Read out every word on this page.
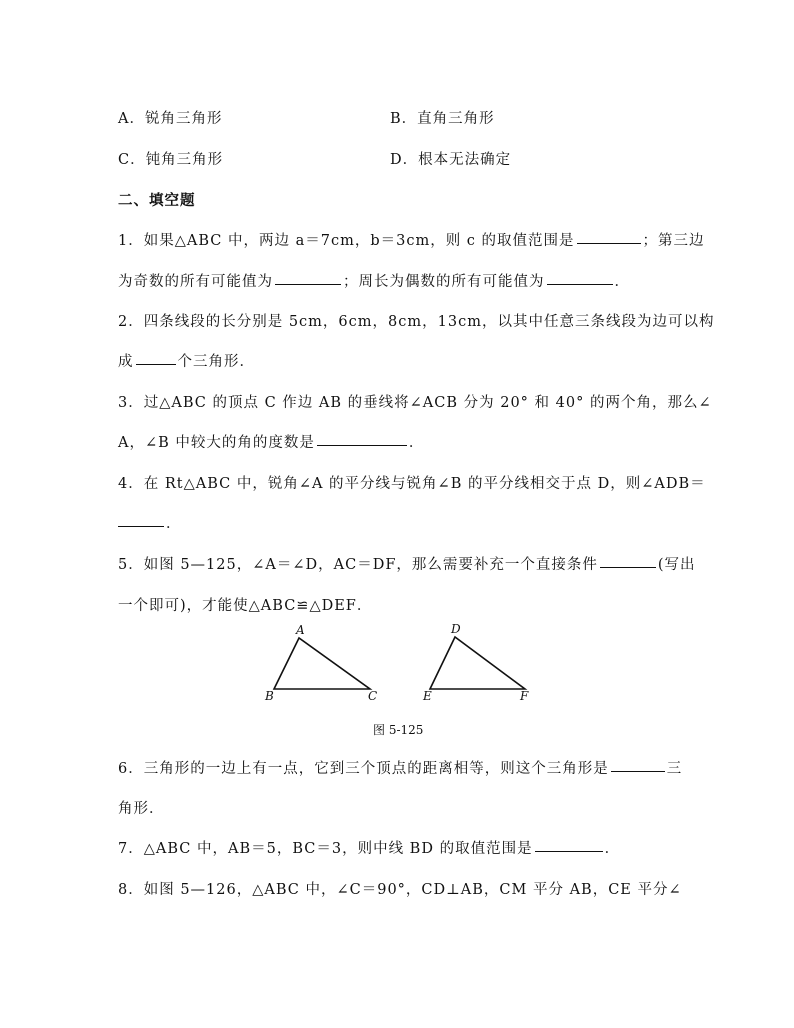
A．锐角三角形	B．直角三角形
C．钝角三角形	D．根本无法确定
二、填空题
1．如果△ABC 中，两边 a＝7cm，b＝3cm，则 c 的取值范围是	；第三边
为奇数的所有可能值为	；周长为偶数的所有可能值为	．
2．四条线段的长分别是 5cm，6cm，8cm，13cm，以其中任意三条线段为边可以构
成	个三角形．
3．过△ABC 的顶点 C 作边 AB 的垂线将∠ACB 分为 20° 和 40° 的两个角，那么∠
A，∠B 中较大的角的度数是	．
4．在 Rt△ABC 中，锐角∠A 的平分线与锐角∠B 的平分线相交于点 D，则∠ADB＝
．
5．如图 5—125，∠A＝∠D，AC＝DF，那么需要补充一个直接条件	(写出
一个即可)，才能使△ABC≌△DEF．
A
B	C
D
E	F
图 5-125
6．三角形的一边上有一点，它到三个顶点的距离相等，则这个三角形是	三
角形．
7．△ABC 中，AB＝5，BC＝3，则中线 BD 的取值范围是	．
8．如图 5—126，△ABC 中，∠C＝90°，CD⊥AB，CM 平分 AB，CE 平分∠
